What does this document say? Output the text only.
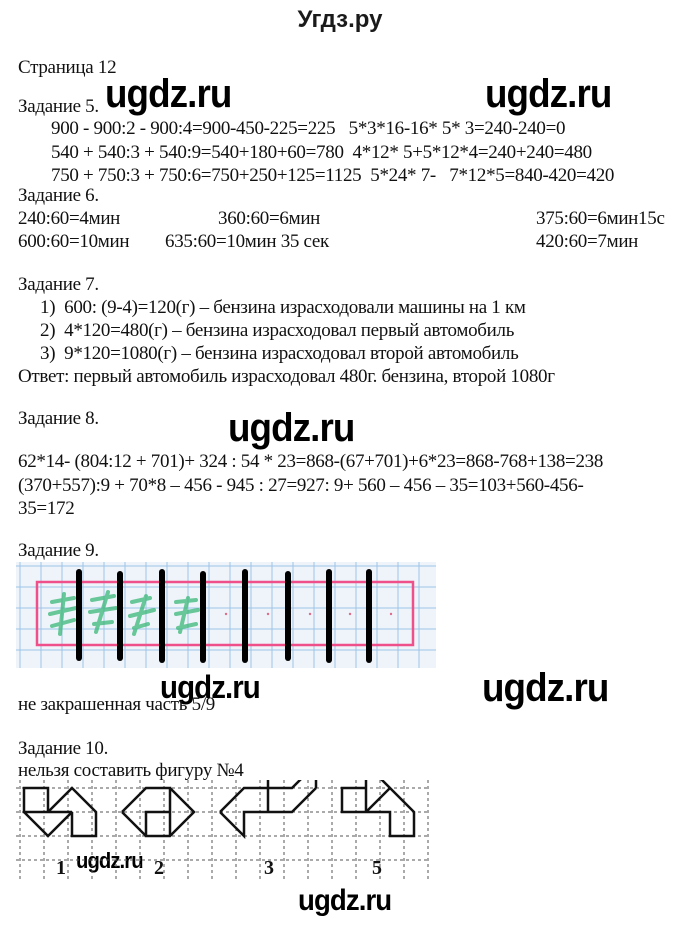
Угдз.ру
Страница 12
ugdz.ru	ugdz.ru
ugdz.ru
ugdz.ru	ugdz.ru
ugdz.ru
ugdz.ru
Задание 5.
900 - 900:2 - 900:4=900-450-225=225   5*3*16-16* 5* 3=240-240=0
540 + 540:3 + 540:9=540+180+60=780  4*12* 5+5*12*4=240+240=480
750 + 750:3 + 750:6=750+250+125=1125  5*24* 7-   7*12*5=840-420=420
Задание 6.
240:60=4мин	360:60=6мин	375:60=6мин15с
600:60=10мин 635:60=10мин 35 сек	420:60=7мин
Задание 7.
1)  600: (9-4)=120(г) – бензина израсходовали машины на 1 км
2)  4*120=480(г) – бензина израсходовал первый автомобиль
3)  9*120=1080(г) – бензина израсходовал второй автомобиль
Ответ: первый автомобиль израсходовал 480г. бензина, второй 1080г
Задание 8.
62*14- (804:12 + 701)+ 324 : 54 * 23=868-(67+701)+6*23=868-768+138=238
(370+557):9 + 70*8 – 456 - 945 : 27=927: 9+ 560 – 456 – 35=103+560-456-
35=172
Задание 9.
не закрашенная часть 5/9
Задание 10.
нельзя составить фигуру №4
1	2	3	5
